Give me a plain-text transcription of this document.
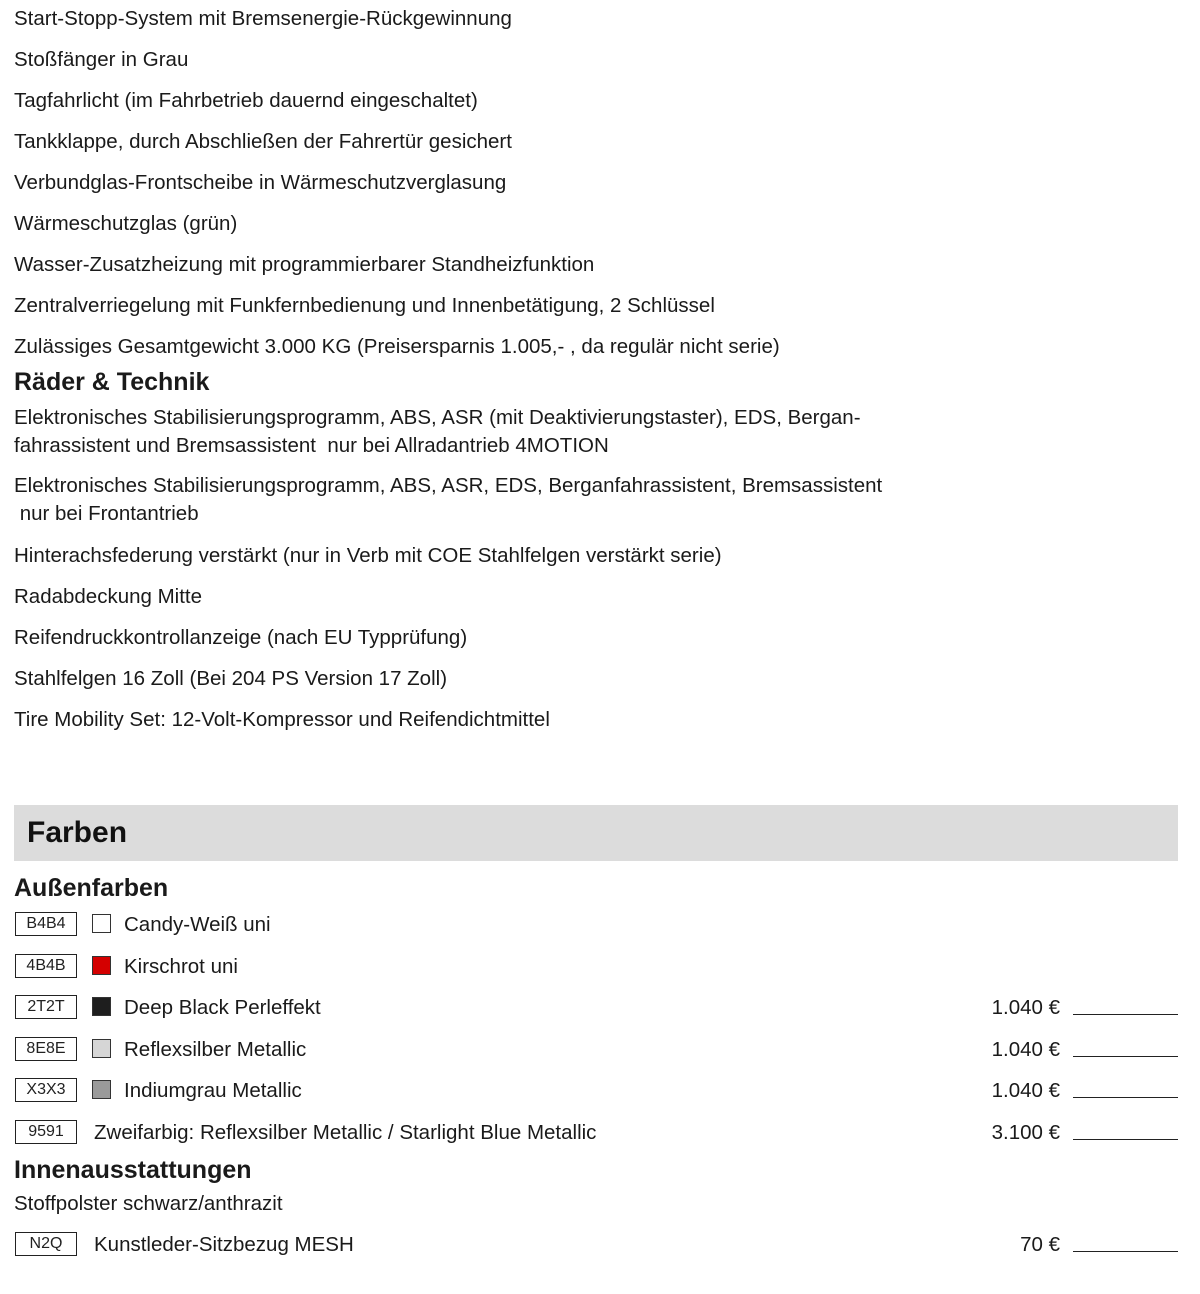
Start-Stopp-System mit Bremsenergie-Rückgewinnung
Stoßfänger in Grau
Tagfahrlicht (im Fahrbetrieb dauernd eingeschaltet)
Tankklappe, durch Abschließen der Fahrertür gesichert
Verbundglas-Frontscheibe in Wärmeschutzverglasung
Wärmeschutzglas (grün)
Wasser-Zusatzheizung mit programmierbarer Standheizfunktion
Zentralverriegelung mit Funkfernbedienung und Innenbetätigung, 2 Schlüssel
Zulässiges Gesamtgewicht 3.000 KG (Preisersparnis 1.005,- , da regulär nicht serie)
Räder & Technik
Elektronisches Stabilisierungsprogramm, ABS, ASR (mit Deaktivierungstaster), EDS, Bergan-
fahrassistent und Bremsassistent  nur bei Allradantrieb 4MOTION
Elektronisches Stabilisierungsprogramm, ABS, ASR, EDS, Berganfahrassistent, Bremsassistent
nur bei Frontantrieb
Hinterachsfederung verstärkt (nur in Verb mit COE Stahlfelgen verstärkt serie)
Radabdeckung Mitte
Reifendruckkontrollanzeige (nach EU Typprüfung)
Stahlfelgen 16 Zoll (Bei 204 PS Version 17 Zoll)
Tire Mobility Set: 12-Volt-Kompressor und Reifendichtmittel
Farben
Außenfarben
B4B4	Candy-Weiß uni
4B4B	Kirschrot uni
2T2T	Deep Black Perleffekt	1.040 €
8E8E	Reflexsilber Metallic	1.040 €
X3X3	Indiumgrau Metallic	1.040 €
9591	Zweifarbig: Reflexsilber Metallic / Starlight Blue Metallic	3.100 €
Innenausstattungen
Stoffpolster schwarz/anthrazit
N2Q	Kunstleder-Sitzbezug MESH	70 €
